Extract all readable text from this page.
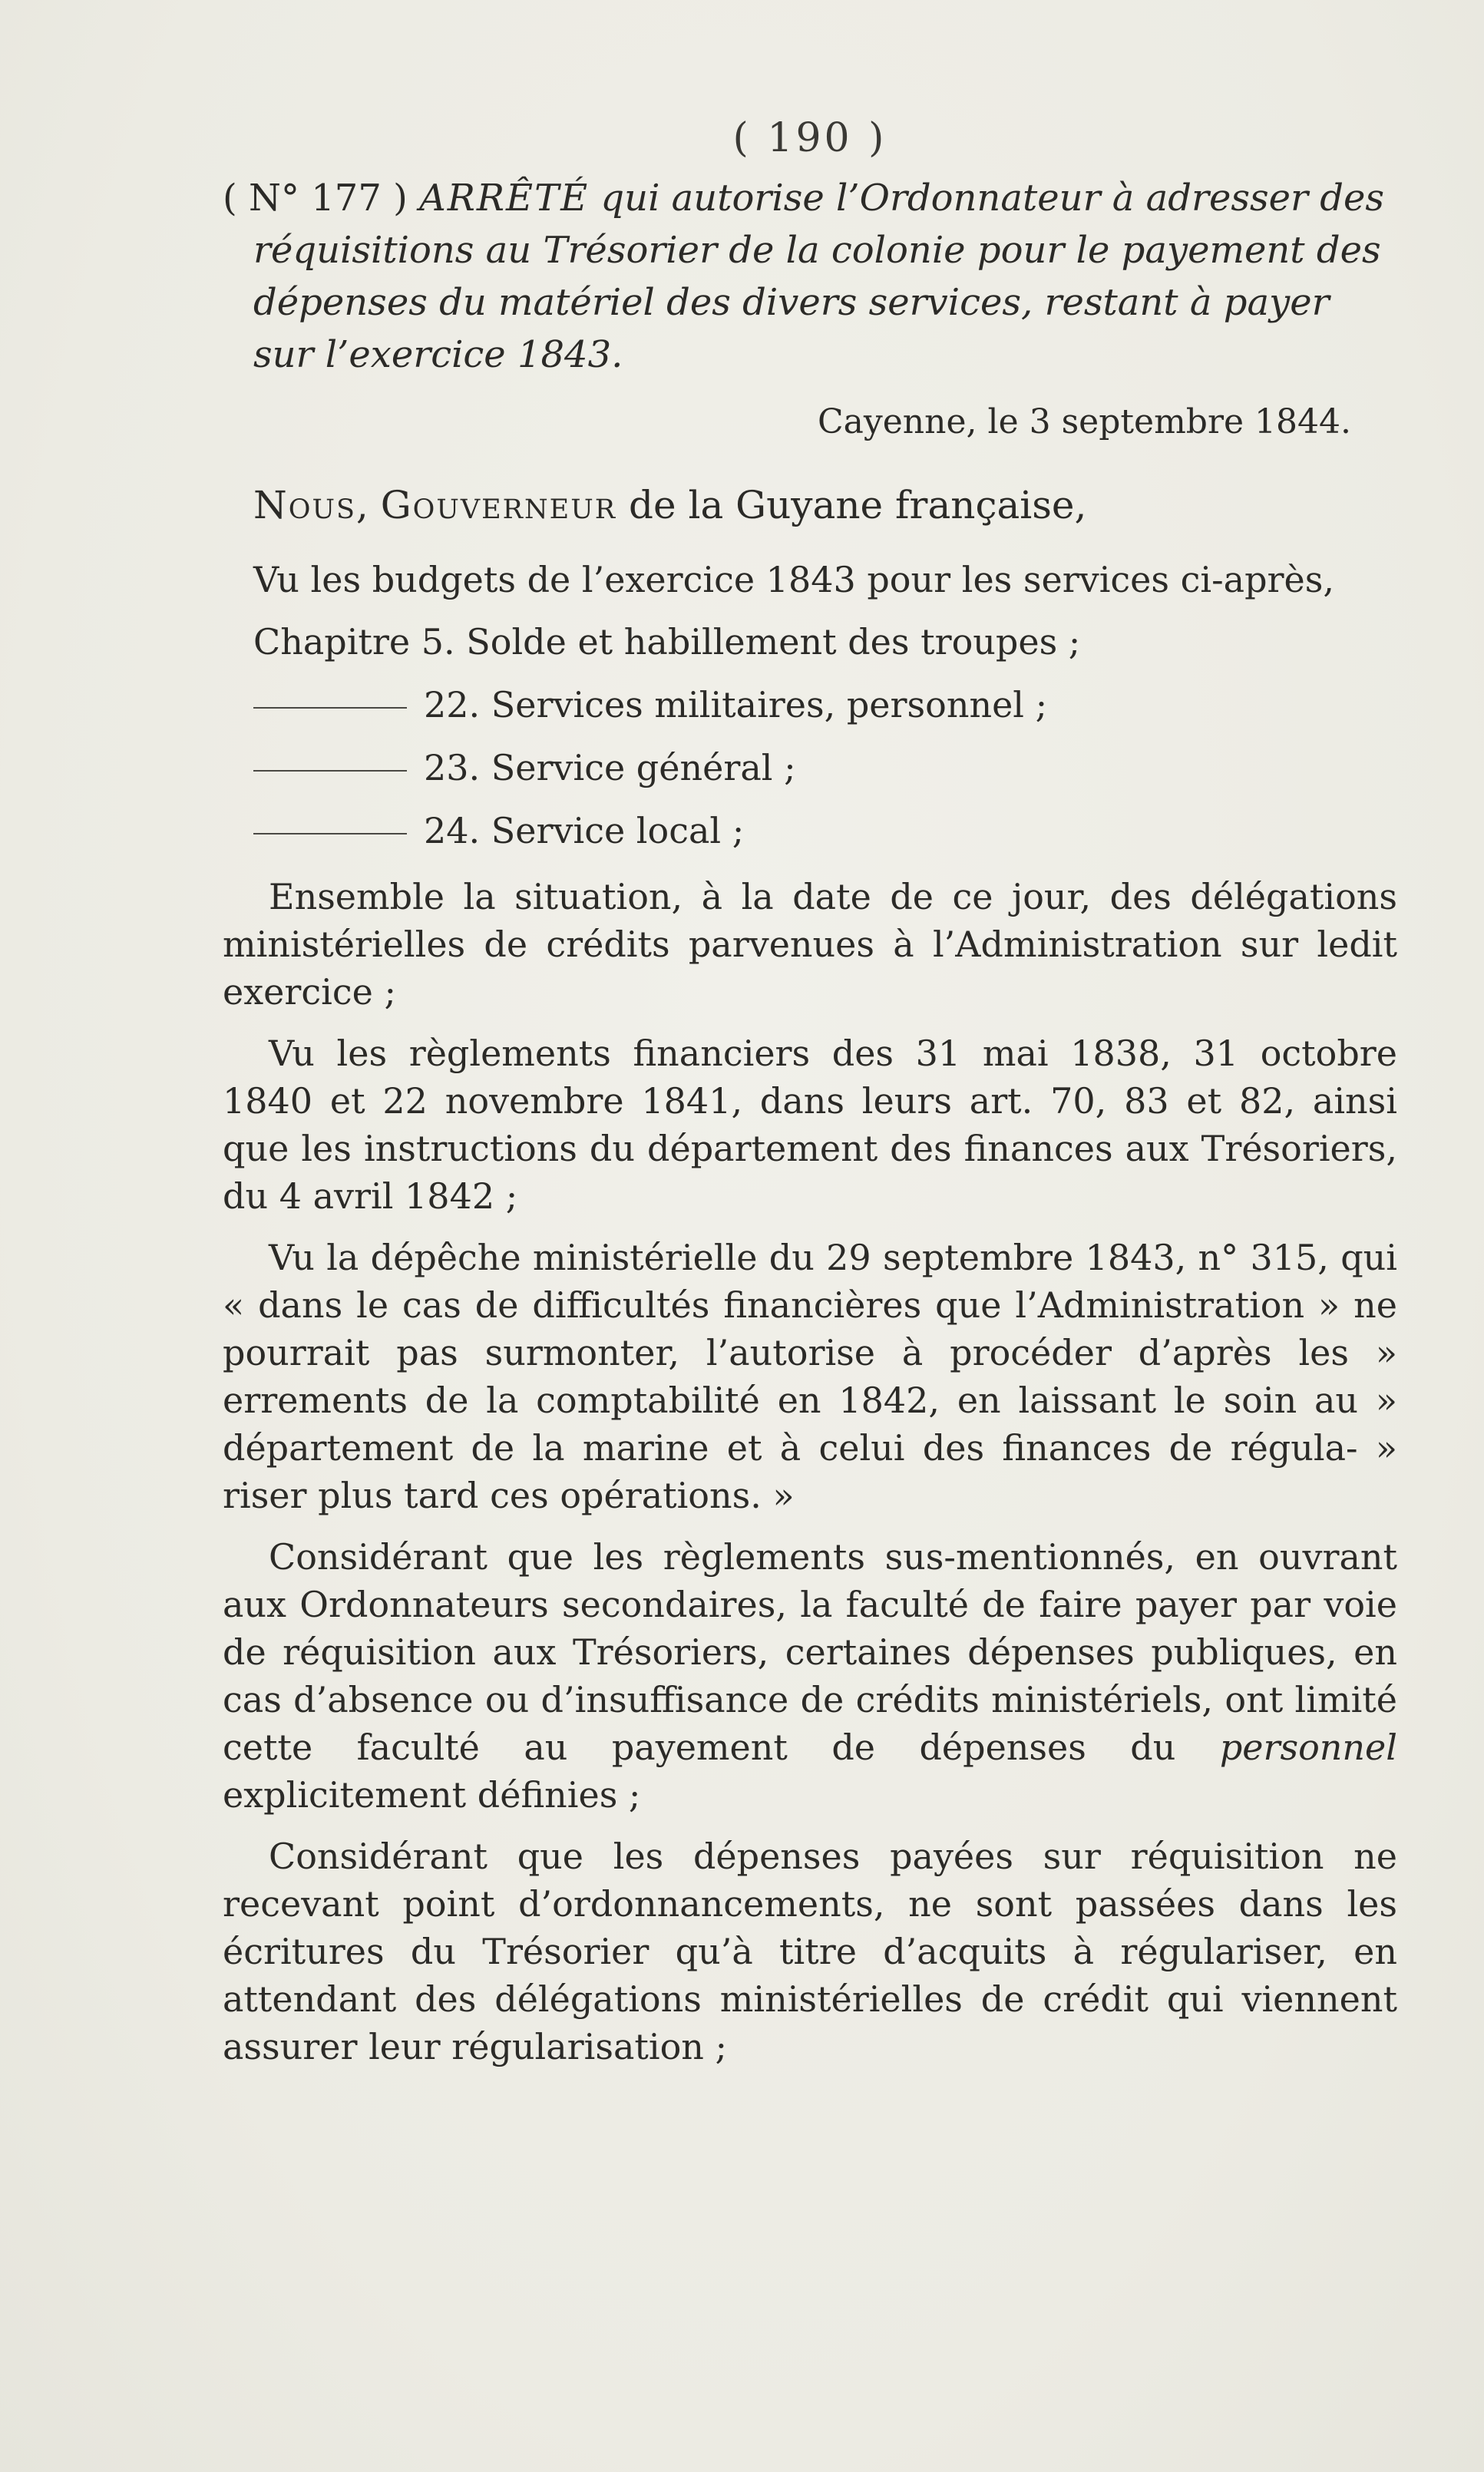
( 190 )
( N° 177 ) ARRÊTÉ qui autorise l’Ordonnateur à adresser des réquisitions au Trésorier de la colonie pour le payement des dépenses du matériel des divers services, restant à payer sur l’exercice 1843.
Cayenne, le 3 septembre 1844.
Nous, Gouverneur de la Guyane française,
Vu les budgets de l’exercice 1843 pour les services ci-après,
Chapitre 5. Solde et habillement des troupes ;
22. Services militaires, personnel ;
23. Service général ;
24. Service local ;
Ensemble la situation, à la date de ce jour, des délégations ministérielles de crédits parvenues à l’Administration sur ledit exercice ;
Vu les règlements financiers des 31 mai 1838, 31 octobre 1840 et 22 novembre 1841, dans leurs art. 70, 83 et 82, ainsi que les instructions du département des finances aux Trésoriers, du 4 avril 1842 ;
Vu la dépêche ministérielle du 29 septembre 1843, n° 315, qui « dans le cas de difficultés financières que l’Administration » ne pourrait pas surmonter, l’autorise à procéder d’après les » errements de la comptabilité en 1842, en laissant le soin au » département de la marine et à celui des finances de régula- » riser plus tard ces opérations. »
Considérant que les règlements sus-mentionnés, en ouvrant aux Ordonnateurs secondaires, la faculté de faire payer par voie de réquisition aux Trésoriers, certaines dépenses publiques, en cas d’absence ou d’insuffisance de crédits ministériels, ont limité cette faculté au payement de dépenses du personnel explicitement définies ;
Considérant que les dépenses payées sur réquisition ne recevant point d’ordonnancements, ne sont passées dans les écritures du Trésorier qu’à titre d’acquits à régulariser, en attendant des délégations ministérielles de crédit qui viennent assurer leur régularisation ;
